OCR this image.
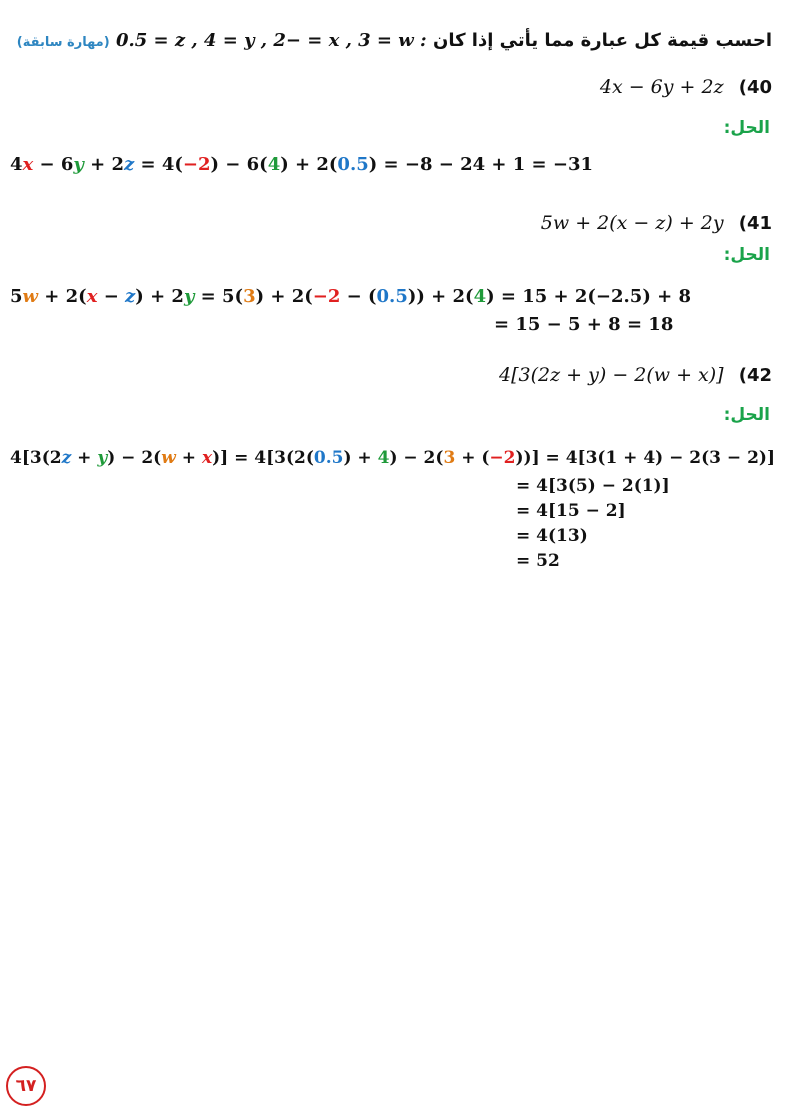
احسب قيمة كل عبارة مما يأتي إذا كان 0.5 = z , 4 = y , 2− = x , 3 = w : (مهارة سابقة)
4x − 6y + 2z (40
الحل:
4x − 6y + 2z = 4(−2) − 6(4) + 2(0.5) = −8 − 24 + 1 = −31
5w + 2(x − z) + 2y (41
الحل:
5w + 2(x − z) + 2y = 5(3) + 2(−2 − (0.5)) + 2(4) = 15 + 2(−2.5) + 8
= 15 − 5 + 8 = 18
4[3(2z + y) − 2(w + x)] (42
الحل:
4[3(2z + y) − 2(w + x)] = 4[3(2(0.5) + 4) − 2(3 + (−2))] = 4[3(1 + 4) − 2(3 − 2)]
= 4[3(5) − 2(1)]
= 4[15 − 2]
= 4(13)
= 52
٦٧
